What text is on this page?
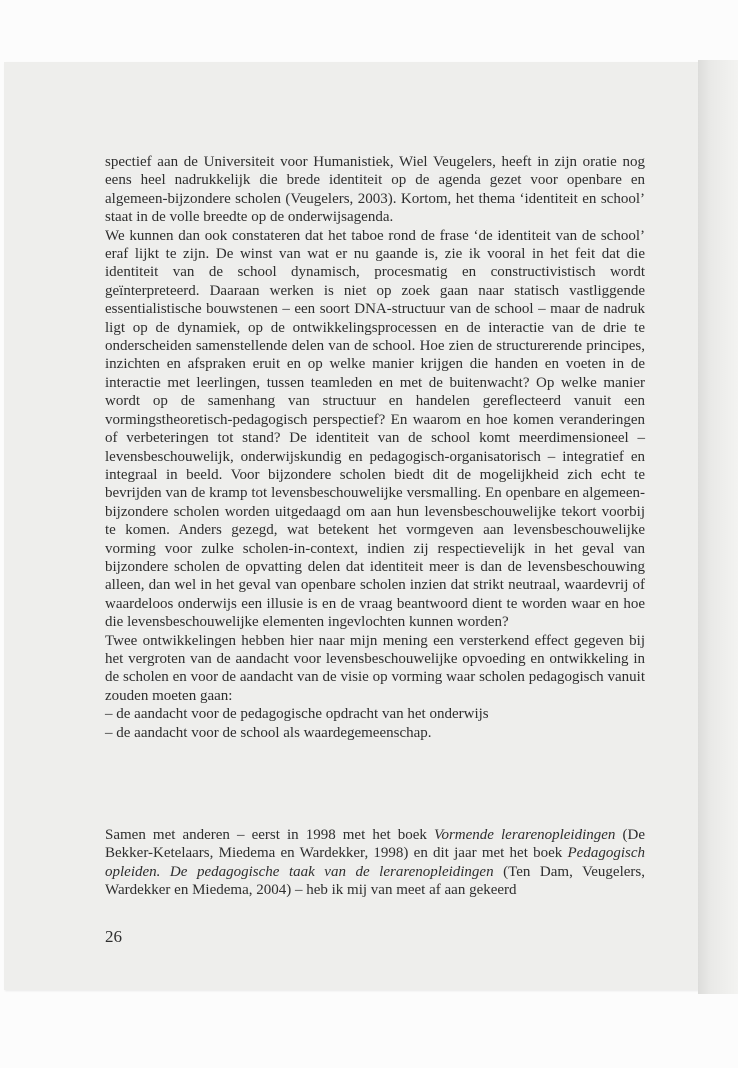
spectief aan de Universiteit voor Humanistiek, Wiel Veugelers, heeft in zijn oratie nog eens heel nadrukkelijk die brede identiteit op de agenda gezet voor openbare en algemeen-bijzondere scholen (Veugelers, 2003). Kortom, het thema ‘identiteit en school’ staat in de volle breedte op de onderwijsagenda.

We kunnen dan ook constateren dat het taboe rond de frase ‘de identiteit van de school’ eraf lijkt te zijn. De winst van wat er nu gaande is, zie ik vooral in het feit dat die identiteit van de school dynamisch, procesmatig en constructivistisch wordt geïnterpreteerd. Daaraan werken is niet op zoek gaan naar statisch vastliggende essentialistische bouwstenen – een soort DNA-structuur van de school – maar de nadruk ligt op de dynamiek, op de ontwikkelingsprocessen en de interactie van de drie te onderscheiden samenstellende delen van de school. Hoe zien de structurerende principes, inzichten en afspraken eruit en op welke manier krijgen die handen en voeten in de interactie met leerlingen, tussen teamleden en met de buitenwacht? Op welke manier wordt op de samenhang van structuur en handelen gereflecteerd vanuit een vormingstheoretisch-pedagogisch perspectief? En waarom en hoe komen veranderingen of verbeteringen tot stand? De identiteit van de school komt meerdimensioneel – levensbeschouwelijk, onderwijskundig en pedagogisch-organisatorisch – integratief en integraal in beeld. Voor bijzondere scholen biedt dit de mogelijkheid zich echt te bevrijden van de kramp tot levensbeschouwelijke versmalling. En openbare en algemeen-bijzondere scholen worden uitgedaagd om aan hun levensbeschouwelijke tekort voorbij te komen. Anders gezegd, wat betekent het vormgeven aan levensbeschouwelijke vorming voor zulke scholen-in-context, indien zij respectievelijk in het geval van bijzondere scholen de opvatting delen dat identiteit meer is dan de levensbeschouwing alleen, dan wel in het geval van openbare scholen inzien dat strikt neutraal, waardevrij of waardeloos onderwijs een illusie is en de vraag beantwoord dient te worden waar en hoe die levensbeschouwelijke elementen ingevlochten kunnen worden?

Twee ontwikkelingen hebben hier naar mijn mening een versterkend effect gegeven bij het vergroten van de aandacht voor levensbeschouwelijke opvoeding en ontwikkeling in de scholen en voor de aandacht van de visie op vorming waar scholen pedagogisch vanuit zouden moeten gaan:

– de aandacht voor de pedagogische opdracht van het onderwijs

– de aandacht voor de school als waardegemeenschap.

Samen met anderen – eerst in 1998 met het boek Vormende lerarenopleidingen (De Bekker-Ketelaars, Miedema en Wardekker, 1998) en dit jaar met het boek Pedagogisch opleiden. De pedagogische taak van de lerarenopleidingen (Ten Dam, Veugelers, Wardekker en Miedema, 2004) – heb ik mij van meet af aan gekeerd

26
